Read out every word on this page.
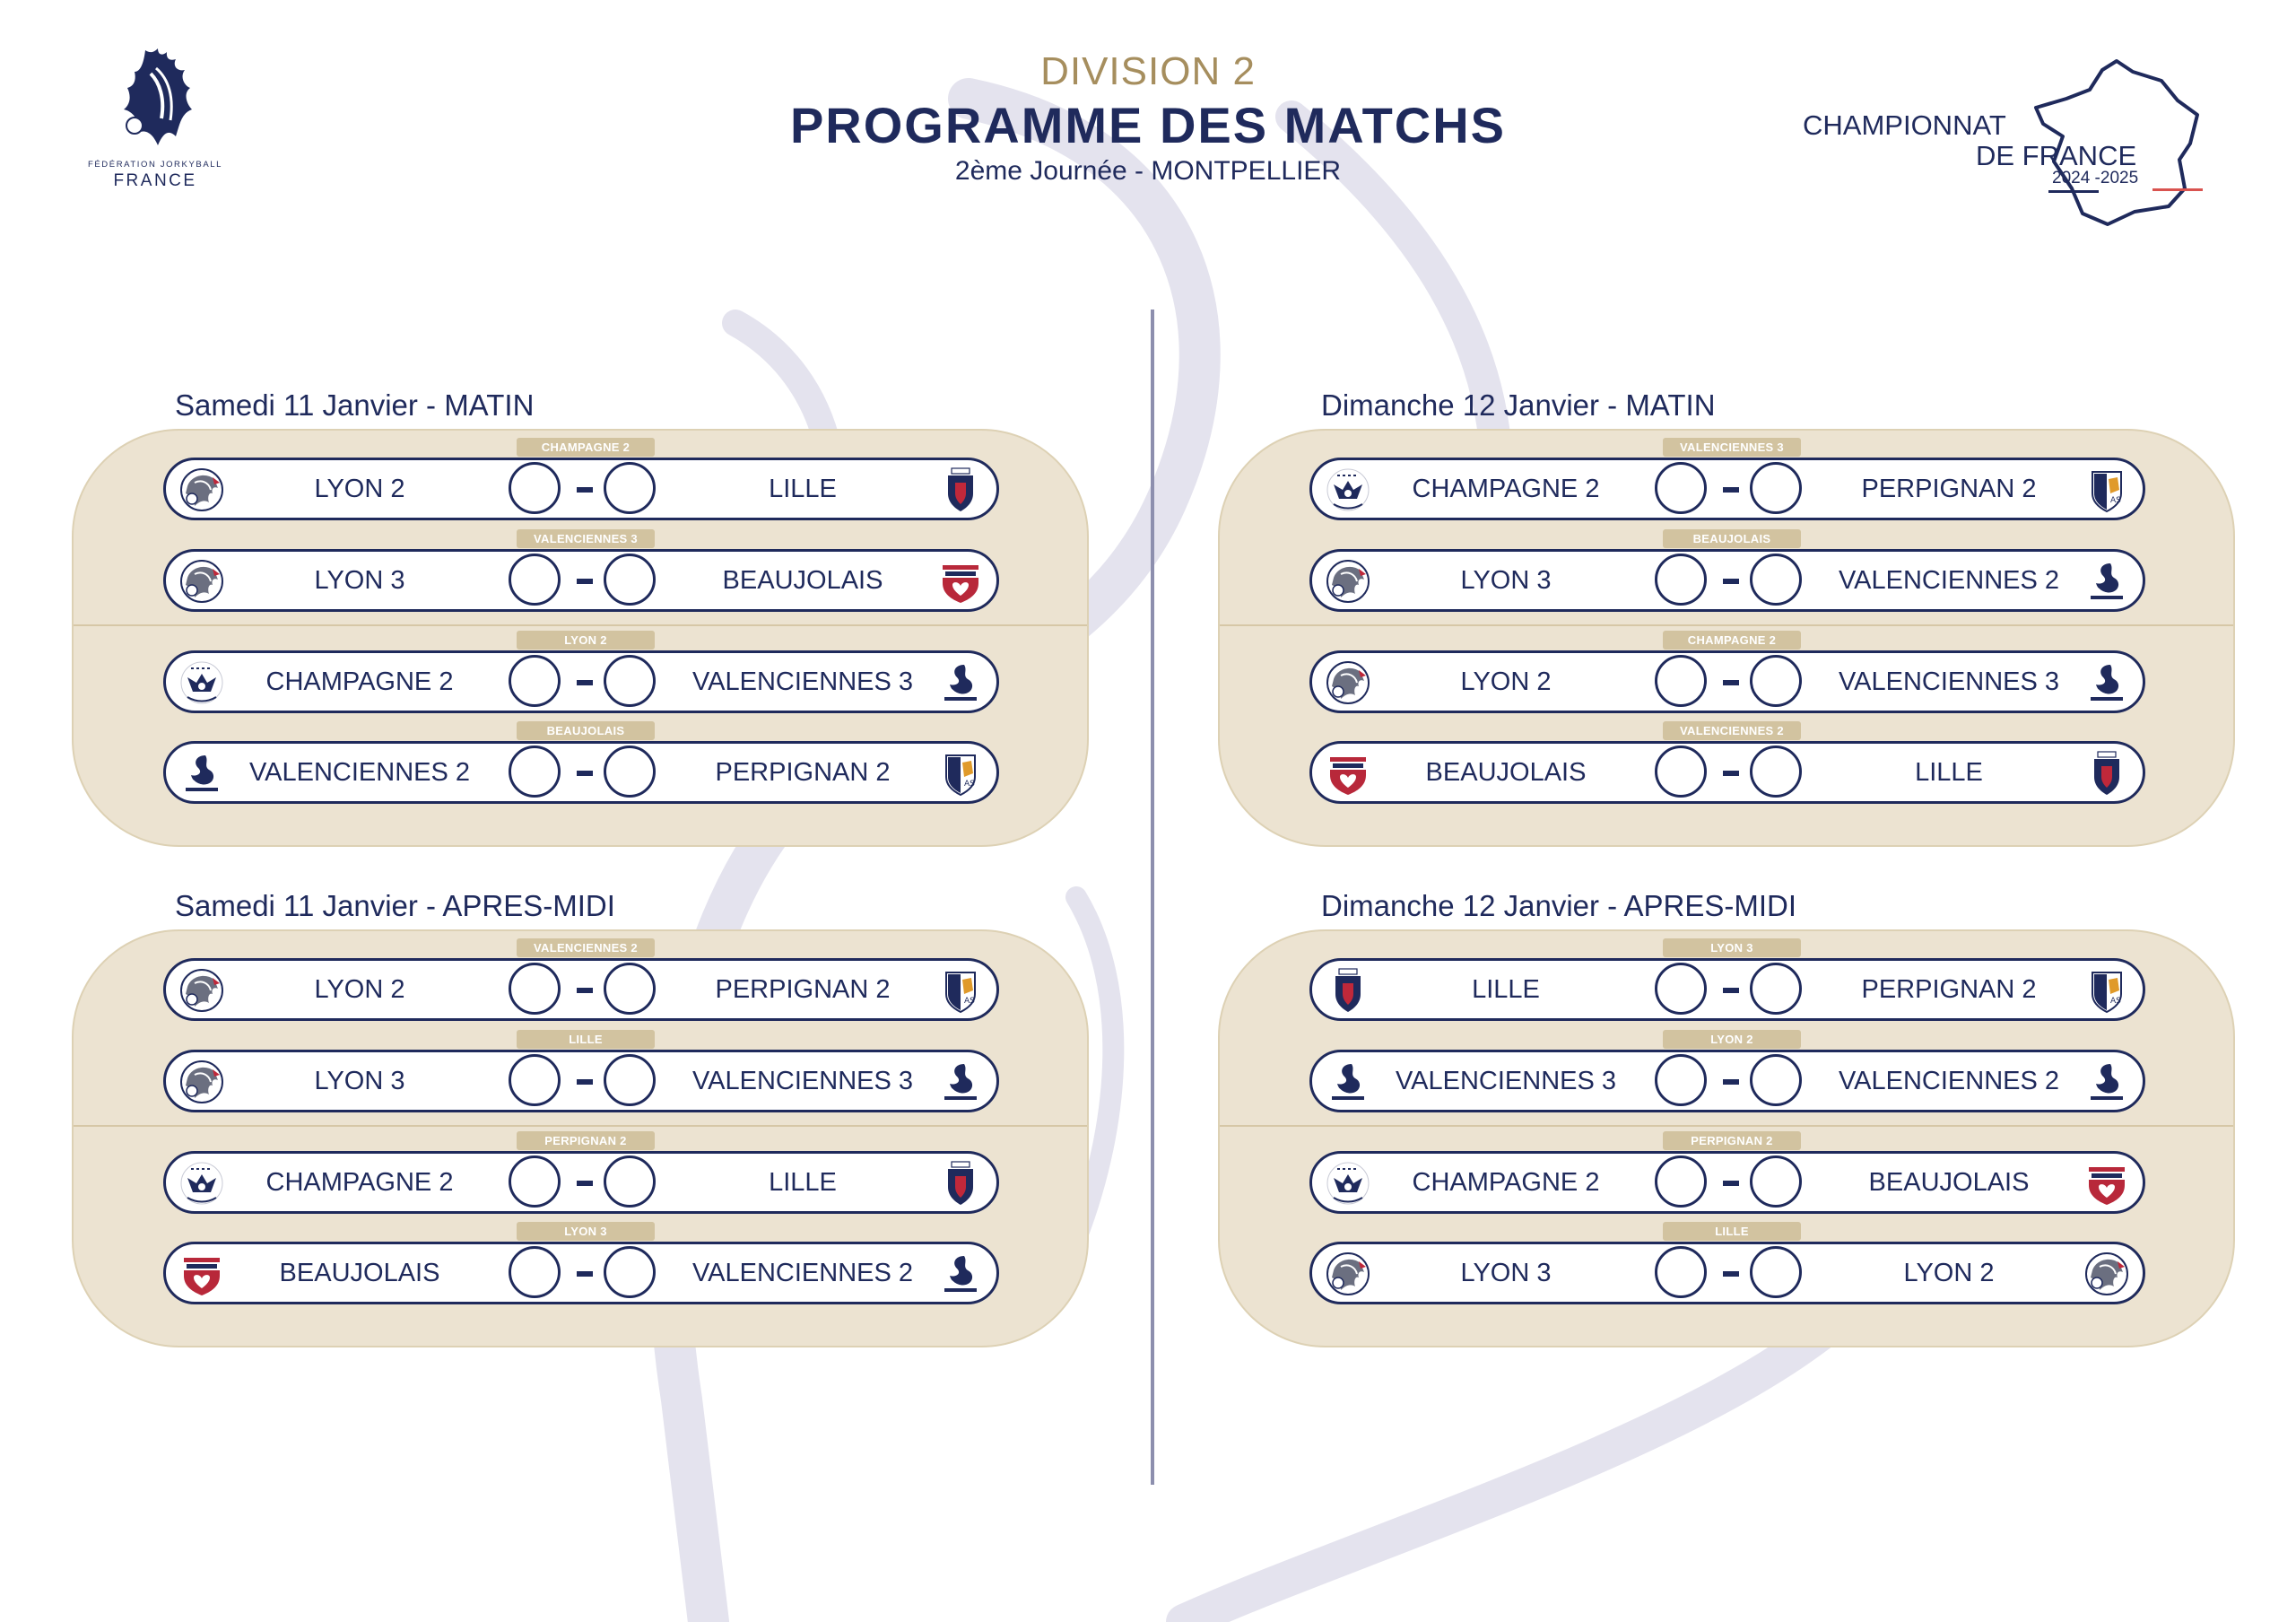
FÉDÉRATION JORKYBALL
FRANCE
DIVISION 2
PROGRAMME DES MATCHS
2ème Journée - MONTPELLIER
CHAMPIONNAT
DE FRANCE
2024 -2025
Samedi 11 Janvier - MATIN
CHAMPAGNE 2
LYON 2	LILLE
VALENCIENNES 3
LYON 3	BEAUJOLAIS
LYON 2
CHAMPAGNE 2	VALENCIENNES 3
BEAUJOLAIS
VALENCIENNES 2	PERPIGNAN 2	AS
Dimanche 12 Janvier - MATIN
VALENCIENNES 3
CHAMPAGNE 2	PERPIGNAN 2	AS
BEAUJOLAIS
LYON 3	VALENCIENNES 2
CHAMPAGNE 2
LYON 2	VALENCIENNES 3
VALENCIENNES 2
BEAUJOLAIS	LILLE
Samedi 11 Janvier - APRES-MIDI
VALENCIENNES 2
LYON 2	PERPIGNAN 2	AS
LILLE
LYON 3	VALENCIENNES 3
PERPIGNAN 2
CHAMPAGNE 2	LILLE
LYON 3
BEAUJOLAIS	VALENCIENNES 2
Dimanche 12 Janvier - APRES-MIDI
LYON 3
LILLE	PERPIGNAN 2	AS
LYON 2
VALENCIENNES 3	VALENCIENNES 2
PERPIGNAN 2
CHAMPAGNE 2	BEAUJOLAIS
LILLE
LYON 3	LYON 2
